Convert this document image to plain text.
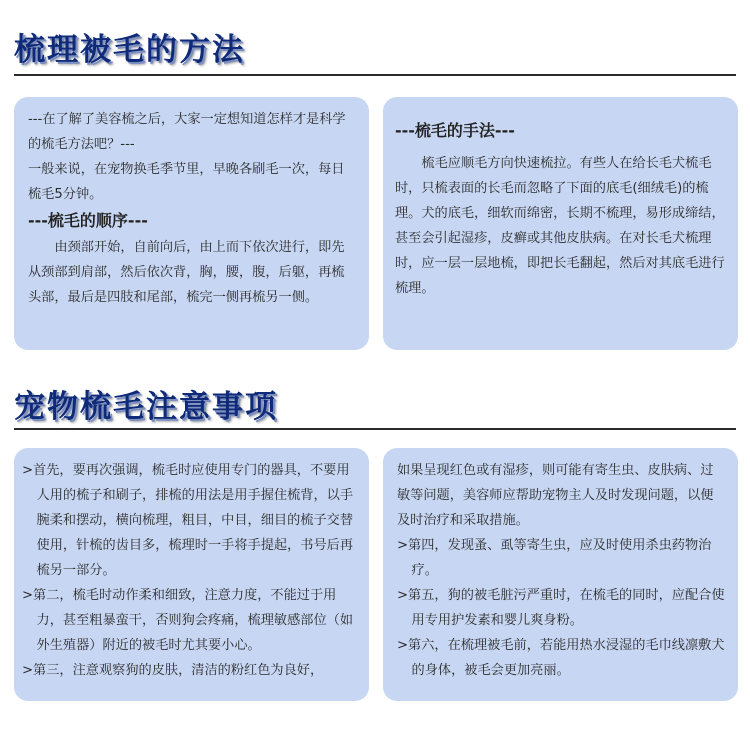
梳理被毛的方法

---在了解了美容梳之后，大家一定想知道怎样才是科学的梳毛方法吧？---

一般来说，在宠物换毛季节里，早晚各刷毛一次，每日梳毛5分钟。

---梳毛的顺序---

由颈部开始，自前向后，由上而下依次进行，即先从颈部到肩部，然后依次背，胸，腰，腹，后躯，再梳头部，最后是四肢和尾部，梳完一侧再梳另一侧。

---梳毛的手法---

梳毛应顺毛方向快速梳拉。有些人在给长毛犬梳毛时，只梳表面的长毛而忽略了下面的底毛(细绒毛)的梳理。犬的底毛，细软而绵密，长期不梳理，易形成缔结，甚至会引起湿疹，皮癣或其他皮肤病。在对长毛犬梳理时，应一层一层地梳，即把长毛翻起，然后对其底毛进行梳理。

宠物梳毛注意事项

>首先，要再次强调，梳毛时应使用专门的器具，不要用人用的梳子和刷子，排梳的用法是用手握住梳背，以手腕柔和摆动，横向梳理，粗目，中目，细目的梳子交替使用，针梳的齿目多，梳理时一手将手提起，书号后再梳另一部分。

>第二，梳毛时动作柔和细致，注意力度，不能过于用力，甚至粗暴蛮干，否则狗会疼痛，梳理敏感部位（如外生殖器）附近的被毛时尤其要小心。

>第三，注意观察狗的皮肤，清洁的粉红色为良好，

如果呈现红色或有湿疹，则可能有寄生虫、皮肤病、过敏等问题，美容师应帮助宠物主人及时发现问题，以便及时治疗和采取措施。

>第四，发现蚤、虱等寄生虫，应及时使用杀虫药物治疗。

>第五，狗的被毛脏污严重时，在梳毛的同时，应配合使用专用护发素和婴儿爽身粉。

>第六，在梳理被毛前，若能用热水浸湿的毛巾线凛敷犬的身体，被毛会更加亮丽。
